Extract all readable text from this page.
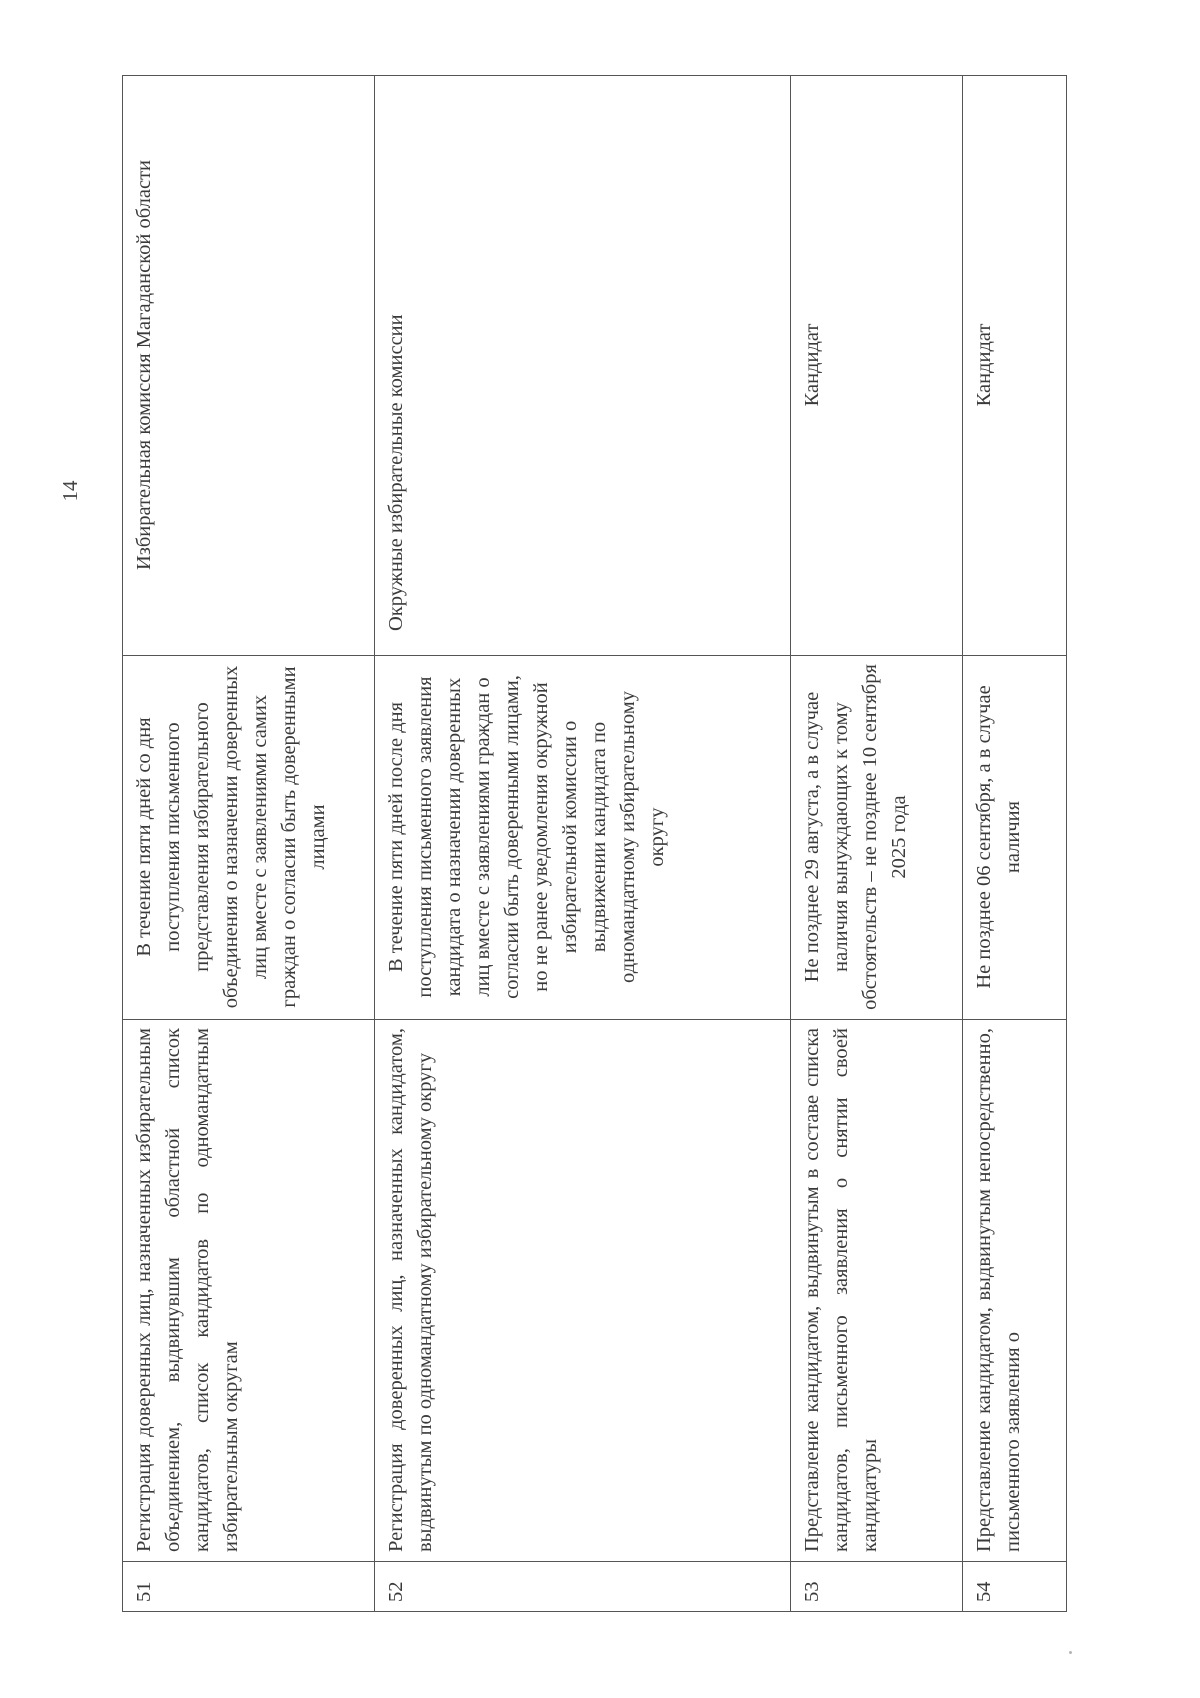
14
51	Регистрация доверенных лиц, назначенных избирательным объединением, выдвинувшим областной список кандидатов, список кандидатов по одномандатным избирательным округам	В течение пяти дней со дня поступления письменного представления избирательного объединения о назначении доверенных лиц вместе с заявлениями самих граждан о согласии быть доверенными лицами	Избирательная комиссия Магаданской области
52	Регистрация доверенных лиц, назначенных кандидатом, выдвинутым по одномандатному избирательному округу	В течение пяти дней после дня поступления письменного заявления кандидата о назначении доверенных лиц вместе с заявлениями граждан о согласии быть доверенными лицами, но не ранее уведомления окружной избирательной комиссии о выдвижении кандидата по одномандатному избирательному округу	Окружные избирательные комиссии
53	Представление кандидатом, выдвинутым в составе списка кандидатов, письменного заявления о снятии своей кандидатуры	Не позднее 29 августа, а в случае наличия вынуждающих к тому обстоятельств – не позднее 10 сентября 2025 года	Кандидат
54	Представление кандидатом, выдвинутым непосредственно, письменного заявления о	Не позднее 06 сентября, а в случае наличия	Кандидат
